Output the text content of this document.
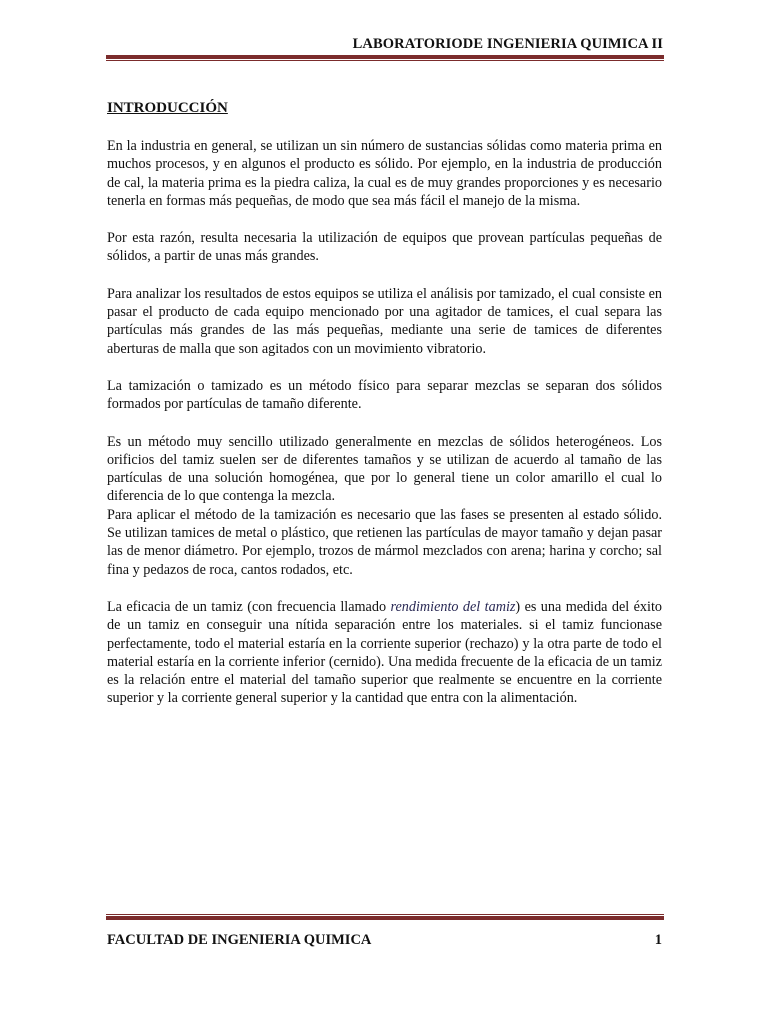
LABORATORIODE INGENIERIA QUIMICA II
INTRODUCCIÓN

En la industria en general, se utilizan un sin número de sustancias sólidas como materia prima en muchos procesos, y en algunos el producto es sólido. Por ejemplo, en la industria de producción de cal, la materia prima es la piedra caliza, la cual es de muy grandes proporciones y es necesario tenerla en formas más pequeñas, de modo que sea más fácil el manejo de la misma.

Por esta razón, resulta necesaria la utilización de equipos que provean partículas pequeñas de sólidos, a partir de unas más grandes.

Para analizar los resultados de estos equipos se utiliza el análisis por tamizado, el cual consiste en pasar el producto de cada equipo mencionado por una agitador de tamices, el cual separa las partículas más grandes de las más pequeñas, mediante una serie de tamices de diferentes aberturas de malla que son agitados con un movimiento vibratorio.

La tamización o tamizado es un método físico para separar mezclas se separan dos sólidos formados por partículas de tamaño diferente.

Es un método muy sencillo utilizado generalmente en mezclas de sólidos heterogéneos. Los orificios del tamiz suelen ser de diferentes tamaños y se utilizan de acuerdo al tamaño de las partículas de una solución homogénea, que por lo general tiene un color amarillo el cual lo diferencia de lo que contenga la mezcla.

Para aplicar el método de la tamización es necesario que las fases se presenten al estado sólido. Se utilizan tamices de metal o plástico, que retienen las partículas de mayor tamaño y dejan pasar las de menor diámetro. Por ejemplo, trozos de mármol mezclados con arena; harina y corcho; sal fina y pedazos de roca, cantos rodados, etc.

La eficacia de un tamiz (con frecuencia llamado rendimiento del tamiz) es una medida del éxito de un tamiz en conseguir una nítida separación entre los materiales. si el tamiz funcionase perfectamente, todo el material estaría en la corriente superior (rechazo) y la otra parte de todo el material estaría en la corriente inferior (cernido). Una medida frecuente de la eficacia de un tamiz es la relación entre el material del tamaño superior que realmente se encuentre en la corriente superior y la corriente general superior y la cantidad que entra con la alimentación.

FACULTAD DE INGENIERIA QUIMICA	1
